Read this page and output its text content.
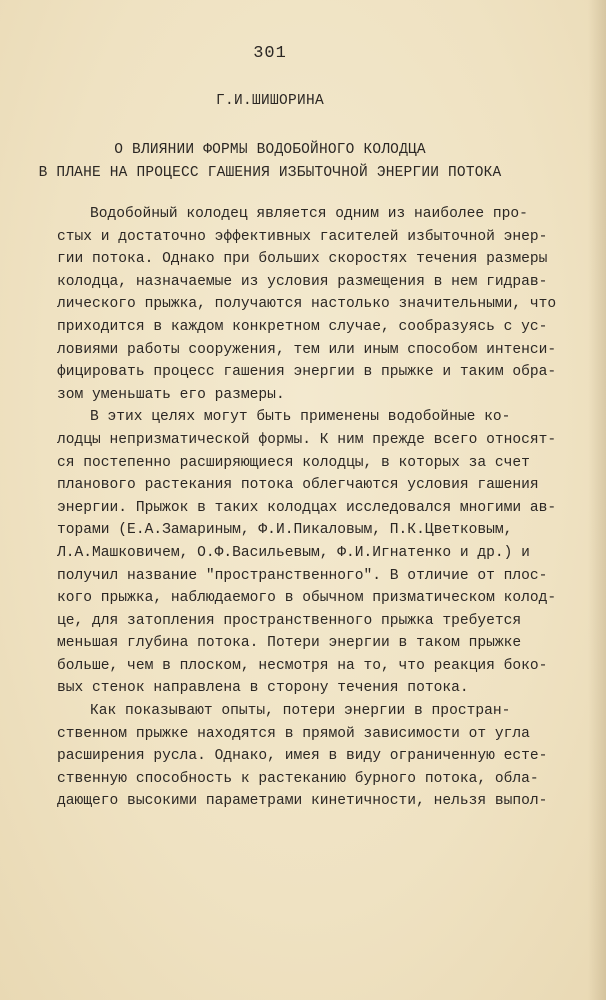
301
Г.И.ШИШОРИНА
О ВЛИЯНИИ ФОРМЫ ВОДОБОЙНОГО КОЛОДЦА
В ПЛАНЕ НА ПРОЦЕСС ГАШЕНИЯ ИЗБЫТОЧНОЙ ЭНЕРГИИ ПОТОКА
Водобойный колодец является одним из наиболее про-
стых и достаточно эффективных гасителей избыточной энер-
гии потока. Однако при больших скоростях течения размеры
колодца, назначаемые из условия размещения в нем гидрав-
лического прыжка, получаются настолько значительными, что
приходится в каждом конкретном случае, сообразуясь с ус-
ловиями работы сооружения, тем или иным способом интенси-
фицировать процесс гашения энергии в прыжке и таким обра-
зом уменьшать его размеры.
В этих целях могут быть применены водобойные ко-
лодцы непризматической формы. К ним прежде всего относят-
ся постепенно расширяющиеся колодцы, в которых за счет
планового растекания потока облегчаются условия гашения
энергии. Прыжок в таких колодцах исследовался многими ав-
торами (Е.А.Замариным, Ф.И.Пикаловым, П.К.Цветковым,
Л.А.Машковичем, О.Ф.Васильевым, Ф.И.Игнатенко и др.) и
получил название "пространственного". В отличие от плос-
кого прыжка, наблюдаемого в обычном призматическом колод-
це, для затопления пространственного прыжка требуется
меньшая глубина потока. Потери энергии в таком прыжке
больше, чем в плоском, несмотря на то, что реакция боко-
вых стенок направлена в сторону течения потока.
Как показывают опыты, потери энергии в простран-
ственном прыжке находятся в прямой зависимости от угла
расширения русла. Однако, имея в виду ограниченную есте-
ственную способность к растеканию бурного потока, обла-
дающего высокими параметрами кинетичности, нельзя выпол-
